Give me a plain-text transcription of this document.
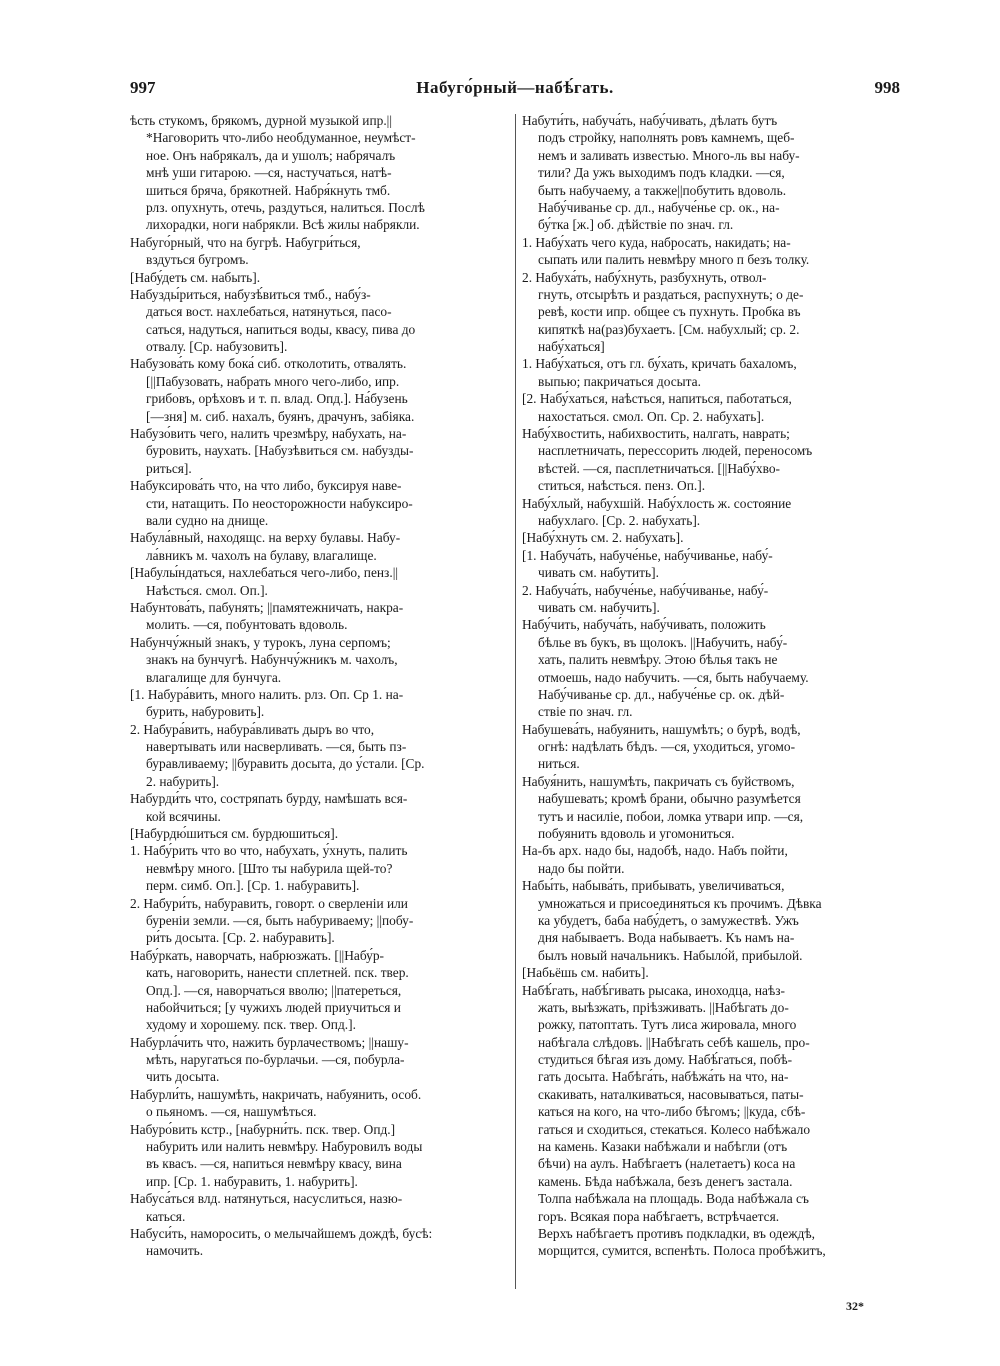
997	Набуго́рный—набѣ́гать.	998
ѣсть стукомъ, брякомъ, дурной музыкой ипр.||
*Наговорить что-либо необдуманное, неумѣст-
ное. Онъ набрякалъ, да и ушолъ; набрячалъ
мнѣ уши гитарою. —ся, настучаться, натѣ-
шиться бряча, брякотней. Набря́кнуть тмб.
рлз. опухнуть, отечь, раздуться, налиться. Послѣ
лихорадки, ноги набрякли. Всѣ жилы набрякли.
Набуго́рный, что на бугрѣ. Набугри́ться,
вздуться бугромъ.
[Набу́деть см. набыть].
Набузды́риться, набузѣ́виться тмб., набу́з-
даться вост. нахлебаться, натянуться, пасо-
саться, надуться, напиться воды, квасу, пива до
отвалу. [Ср. набузовить].
Набузова́ть кому бока́ сиб. отколотить, отвалять.
[||Пабузовать, набрать много чего-либо, ипр.
грибовъ, орѣховъ и т. п. влад. Опд.]. На́бузень
[—зня] м. сиб. нахалъ, буянъ, драчунъ, забіяка.
Набузо́вить чего, налить чрезмѣру, набухать, на-
буровить, наухать. [Набузѣвиться см. набузды-
риться].
Набуксирова́ть что, на что либо, буксируя наве-
сти, натащить. По неосторожности набуксиро-
вали судно на днище.
Набула́вный, находящс. на верху булавы. Набу-
ла́вникъ м. чахолъ на булаву, влагалище.
[Набулы́ндаться, нахлебаться чего-либо, пенз.||
Наѣсться. смол. Оп.].
Набунтова́ть, пабунять; ||памятежничать, накра-
молить. —ся, побунтовать вдоволь.
Набунчу́жный знакъ, у турокъ, луна серпомъ;
знакъ на бунчугѣ. Набунчу́жникъ м. чахолъ,
влагалище для бунчуга.
[1. Набура́вить, много налить. рлз. Оп. Ср 1. на-
бурить, набуровить].
2. Набура́вить, набура́вливать дыръ во что,
навертывать или насверливать. —ся, быть пз-
буравливаему; ||буравить досыта, до у́стали. [Ср.
2. набурить].
Набурди́ть что, состряпать бурду, намѣшать вся-
кой всячины.
[Набурдю́шиться см. бурдюшиться].
1. Набу́рить что во что, набухать, у́хнуть, палить
невмѣру много. [Што ты набурила щей-то?
перм. симб. Оп.]. [Ср. 1. набуравить].
2. Набури́ть, набуравить, говорт. о сверленіи или
буреніи земли. —ся, быть набуриваему; ||побу-
ри́ть досыта. [Ср. 2. набуравить].
Набу́ркать, наворчать, набрюзжать. [||Набу́р-
кать, наговорить, нанести сплетней. пск. твер.
Опд.]. —ся, наворчаться вволю; ||патереться,
набойчиться; [у чужихъ людей приучиться и
худому и хорошему. пск. твер. Опд.].
Набурла́чить что, нажить бурлачествомъ; ||нашу-
мѣть, наругаться по-бурлачьи. —ся, побурла-
чить досыта.
Набурли́ть, нашумѣть, накричать, набуянить, особ.
о пьяномъ. —ся, нашумѣться.
Набуро́вить кстр., [набурни́ть. пск. твер. Опд.]
набурить или налить невмѣру. Набуровилъ воды
въ квасъ. —ся, напиться невмѣру квасу, вина
ипр. [Ср. 1. набуравить, 1. набурить].
Набуса́ться влд. натянуться, насуслиться, назю-
каться.
Набуси́ть, наморосить, о мелычайшемъ дождѣ, бусѣ:
намочить.
Набути́ть, набуча́ть, набу́чивать, дѣлать бутъ
подъ стройку, наполнять ровъ камнемъ, щеб-
немъ и заливать известью. Много-ль вы набу-
тили? Да ужъ выходимъ подъ кладки. —ся,
быть набучаему, а также||побутить вдоволь.
Набу́чиванье ср. дл., набуче́нье ср. ок., на-
бу́тка [ж.] об. дѣйствіе по знач. гл.
1. Набу́хать чего куда, набросать, накидать; на-
сыпать или палить невмѣру много п безъ толку.
2. Набуха́ть, набу́хнуть, разбухнуть, отвол-
гнуть, отсырѣть и раздаться, распухнуть; о де-
ревѣ, кости ипр. общее съ пухнуть. Пробка въ
кипяткѣ на(раз)бухаетъ. [См. набухлый; ср. 2.
набу́хаться]
1. Набу́хаться, отъ гл. бу́хать, кричать бахаломъ,
выпью; пакричаться досыта.
[2. Набу́хаться, наѣсться, напиться, паботаться,
нахостаться. смол. Оп. Ср. 2. набухать].
Набу́хвостить, набихвостить, налгать, наврать;
насплетничать, перессорить людей, переносомъ
вѣстей. —ся, пасплетничаться. [||Набу́хво-
ститься, наѣсться. пенз. Оп.].
Набу́хлый, набухшій. Набу́хлость ж. состояние
набухлаго. [Ср. 2. набухать].
[Набу́хнуть см. 2. набухать].
[1. Набуча́ть, набуче́нье, набу́чиванье, набу́-
чивать см. набутить].
2. Набуча́ть, набуче́нье, набу́чиванье, набу́-
чивать см. набучить].
Набу́чить, набуча́ть, набу́чивать, положить
бѣлье въ букъ, въ щолокъ. ||Набучить, набу́-
хать, палить невмѣру. Этою бѣлья такъ не
отмоешь, надо набучить. —ся, быть набучаему.
Набу́чиванье ср. дл., набуче́нье ср. ок. дѣй-
ствіе по знач. гл.
Набушева́ть, набуянить, нашумѣть; о бурѣ, водѣ,
огнѣ: надѣлать бѣдъ. —ся, уходиться, угомо-
ниться.
Набуя́нить, нашумѣть, пакричать съ буйствомъ,
набушевать; кромѣ брани, обычно разумѣется
тутъ и насиліе, побои, ломка утвари ипр. —ся,
побуянить вдоволь и угомониться.
На-бъ арх. надо бы, надобѣ, надо. Набъ пойти,
надо бы пойти.
Набы́ть, набыва́ть, прибывать, увеличиваться,
умножаться и присоединяться къ прочимъ. Дѣвка
ка убудетъ, баба набу́детъ, о замужествѣ. Ужъ
дня набываетъ. Вода набываетъ. Къ намъ на-
былъ новый начальникъ. Набыло́й, прибылой.
[Набьёшь см. набить].
Набѣ́гать, набѣ́гивать рысака, иноходца, наѣз-
жать, выѣзжать, пріѣзживать. ||Набѣгать до-
рожку, патоптать. Тутъ лиса жировала, много
набѣгала слѣдовъ. ||Набѣгать себѣ кашель, про-
студиться бѣгая изъ дому. Набѣ́гаться, побѣ-
гать досыта. Набѣга́ть, набѣжа́ть на что, на-
скакивать, наталкиваться, насовываться, паты-
каться на кого, на что-либо бѣгомъ; ||куда, сбѣ-
гаться и сходиться, стекаться. Колесо набѣжало
на камень. Казаки набѣжали и набѣгли (отъ
бѣчи) на аулъ. Набѣгаетъ (налетаетъ) коса на
камень. Бѣда набѣжала, безъ денегъ застала.
Толпа набѣжала на площадь. Вода набѣжала съ
горъ. Всякая пора набѣгаетъ, встрѣчается.
Верхъ набѣгаетъ противъ подкладки, въ одеждѣ,
морщится, сумится, вспенѣть. Полоса пробѣжитъ,
32*
